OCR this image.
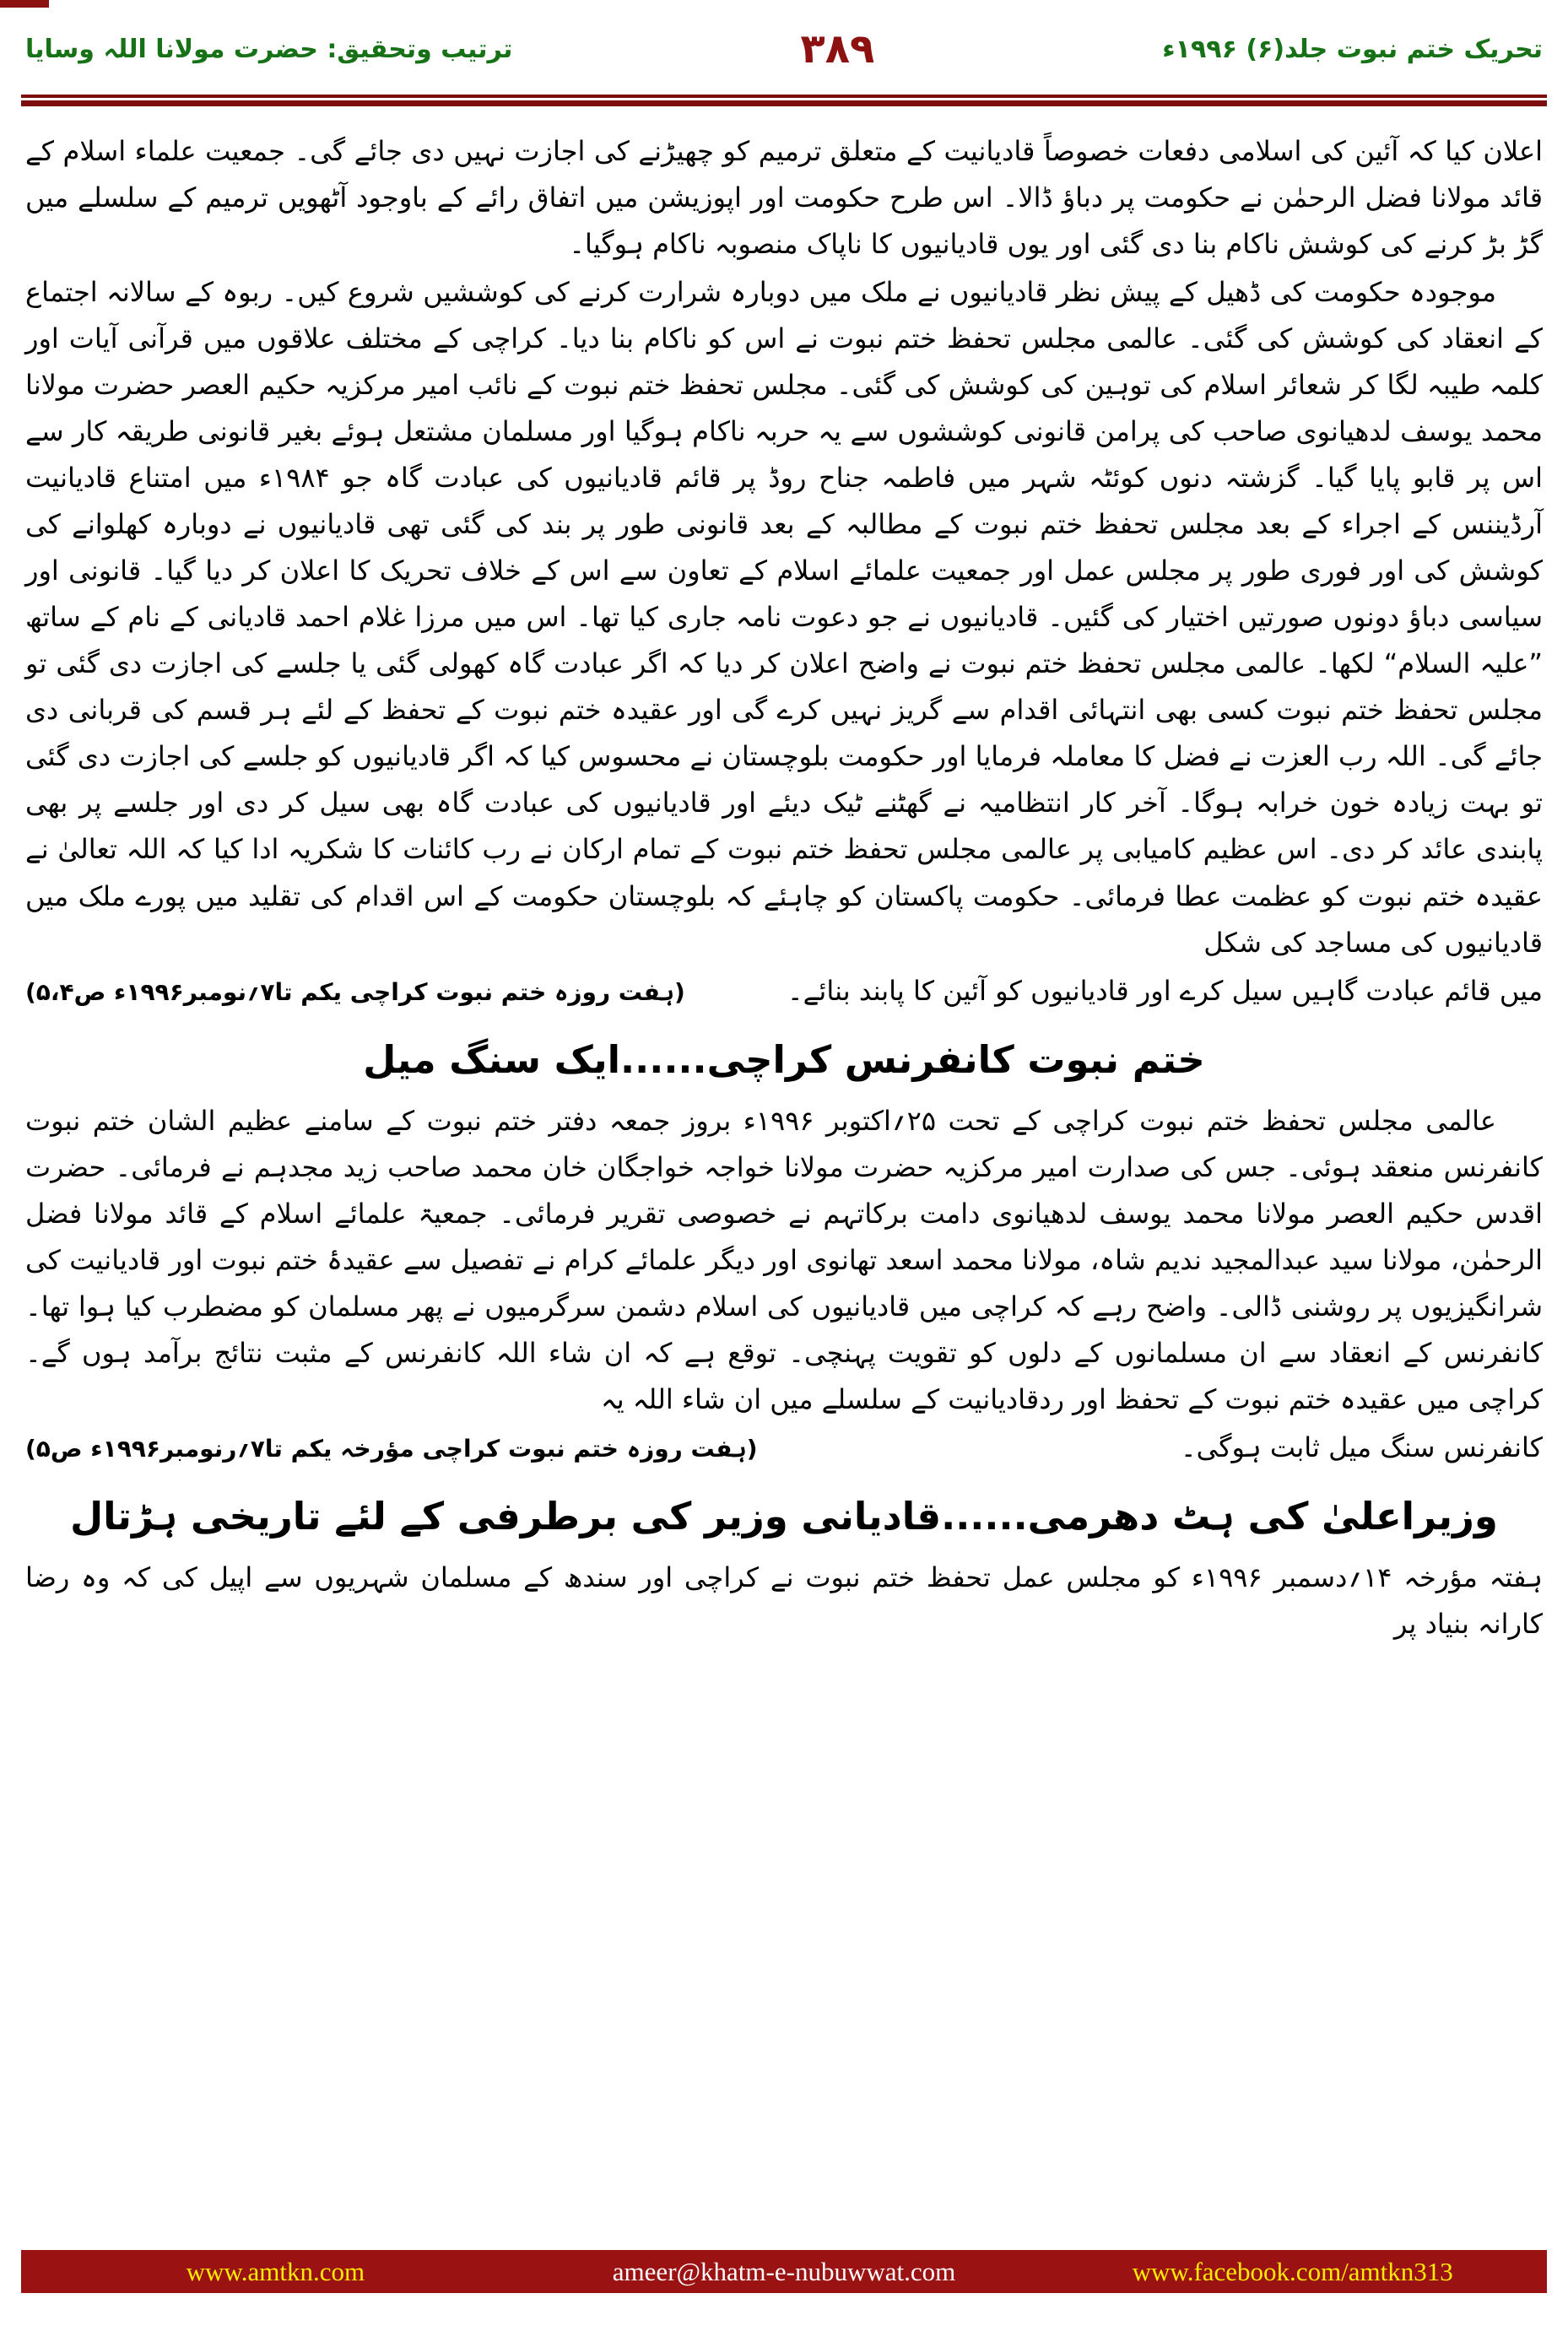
تحریک ختم نبوت جلد(۶) ۱۹۹۶ء
۳۸۹
ترتیب وتحقیق: حضرت مولانا اللہ وسایا

اعلان کیا کہ آئین کی اسلامی دفعات خصوصاً قادیانیت کے متعلق ترمیم کو چھیڑنے کی اجازت نہیں دی جائے گی۔ جمعیت علماء اسلام کے قائد مولانا فضل الرحمٰن نے حکومت پر دباؤ ڈالا۔ اس طرح حکومت اور اپوزیشن میں اتفاق رائے کے باوجود آٹھویں ترمیم کے سلسلے میں گڑ بڑ کرنے کی کوشش ناکام بنا دی گئی اور یوں قادیانیوں کا ناپاک منصوبہ ناکام ہوگیا۔

موجودہ حکومت کی ڈھیل کے پیش نظر قادیانیوں نے ملک میں دوبارہ شرارت کرنے کی کوششیں شروع کیں۔ ربوہ کے سالانہ اجتماع کے انعقاد کی کوشش کی گئی۔ عالمی مجلس تحفظ ختم نبوت نے اس کو ناکام بنا دیا۔ کراچی کے مختلف علاقوں میں قرآنی آیات اور کلمہ طیبہ لگا کر شعائر اسلام کی توہین کی کوشش کی گئی۔ مجلس تحفظ ختم نبوت کے نائب امیر مرکزیہ حکیم العصر حضرت مولانا محمد یوسف لدھیانوی صاحب کی پرامن قانونی کوششوں سے یہ حربہ ناکام ہوگیا اور مسلمان مشتعل ہوئے بغیر قانونی طریقہ کار سے اس پر قابو پایا گیا۔ گزشتہ دنوں کوئٹہ شہر میں فاطمہ جناح روڈ پر قائم قادیانیوں کی عبادت گاہ جو ۱۹۸۴ء میں امتناع قادیانیت آرڈیننس کے اجراء کے بعد مجلس تحفظ ختم نبوت کے مطالبہ کے بعد قانونی طور پر بند کی گئی تھی قادیانیوں نے دوبارہ کھلوانے کی کوشش کی اور فوری طور پر مجلس عمل اور جمعیت علمائے اسلام کے تعاون سے اس کے خلاف تحریک کا اعلان کر دیا گیا۔ قانونی اور سیاسی دباؤ دونوں صورتیں اختیار کی گئیں۔ قادیانیوں نے جو دعوت نامہ جاری کیا تھا۔ اس میں مرزا غلام احمد قادیانی کے نام کے ساتھ ”علیہ السلام“ لکھا۔ عالمی مجلس تحفظ ختم نبوت نے واضح اعلان کر دیا کہ اگر عبادت گاہ کھولی گئی یا جلسے کی اجازت دی گئی تو مجلس تحفظ ختم نبوت کسی بھی انتہائی اقدام سے گریز نہیں کرے گی اور عقیدہ ختم نبوت کے تحفظ کے لئے ہر قسم کی قربانی دی جائے گی۔ اللہ رب العزت نے فضل کا معاملہ فرمایا اور حکومت بلوچستان نے محسوس کیا کہ اگر قادیانیوں کو جلسے کی اجازت دی گئی تو بہت زیادہ خون خرابہ ہوگا۔ آخر کار انتظامیہ نے گھٹنے ٹیک دیئے اور قادیانیوں کی عبادت گاہ بھی سیل کر دی اور جلسے پر بھی پابندی عائد کر دی۔ اس عظیم کامیابی پر عالمی مجلس تحفظ ختم نبوت کے تمام ارکان نے رب کائنات کا شکریہ ادا کیا کہ اللہ تعالیٰ نے عقیدہ ختم نبوت کو عظمت عطا فرمائی۔ حکومت پاکستان کو چاہئے کہ بلوچستان حکومت کے اس اقدام کی تقلید میں پورے ملک میں قادیانیوں کی مساجد کی شکل

میں قائم عبادت گاہیں سیل کرے اور قادیانیوں کو آئین کا پابند بنائے۔
(ہفت روزہ ختم نبوت کراچی یکم تا۷؍نومبر۱۹۹۶ء ص۵،۴)
ختم نبوت کانفرنس کراچی......ایک سنگ میل

عالمی مجلس تحفظ ختم نبوت کراچی کے تحت ۲۵؍اکتوبر ۱۹۹۶ء بروز جمعہ دفتر ختم نبوت کے سامنے عظیم الشان ختم نبوت کانفرنس منعقد ہوئی۔ جس کی صدارت امیر مرکزیہ حضرت مولانا خواجہ خواجگان خان محمد صاحب زید مجدہم نے فرمائی۔ حضرت اقدس حکیم العصر مولانا محمد یوسف لدھیانوی دامت برکاتہم نے خصوصی تقریر فرمائی۔ جمعیۃ علمائے اسلام کے قائد مولانا فضل الرحمٰن، مولانا سید عبدالمجید ندیم شاہ، مولانا محمد اسعد تھانوی اور دیگر علمائے کرام نے تفصیل سے عقیدۂ ختم نبوت اور قادیانیت کی شرانگیزیوں پر روشنی ڈالی۔ واضح رہے کہ کراچی میں قادیانیوں کی اسلام دشمن سرگرمیوں نے پھر مسلمان کو مضطرب کیا ہوا تھا۔ کانفرنس کے انعقاد سے ان مسلمانوں کے دلوں کو تقویت پہنچی۔ توقع ہے کہ ان شاء اللہ کانفرنس کے مثبت نتائج برآمد ہوں گے۔ کراچی میں عقیدہ ختم نبوت کے تحفظ اور ردقادیانیت کے سلسلے میں ان شاء اللہ یہ

کانفرنس سنگ میل ثابت ہوگی۔
(ہفت روزہ ختم نبوت کراچی مؤرخہ یکم تا۷؍رنومبر۱۹۹۶ء ص۵)
وزیراعلیٰ کی ہٹ دھرمی......قادیانی وزیر کی برطرفی کے لئے تاریخی ہڑتال

ہفتہ مؤرخہ ۱۴؍دسمبر ۱۹۹۶ء کو مجلس عمل تحفظ ختم نبوت نے کراچی اور سندھ کے مسلمان شہریوں سے اپیل کی کہ وہ رضا کارانہ بنیاد پر

www.amtkn.com	ameer@khatm-e-nubuwwat.com	www.facebook.com/amtkn313
